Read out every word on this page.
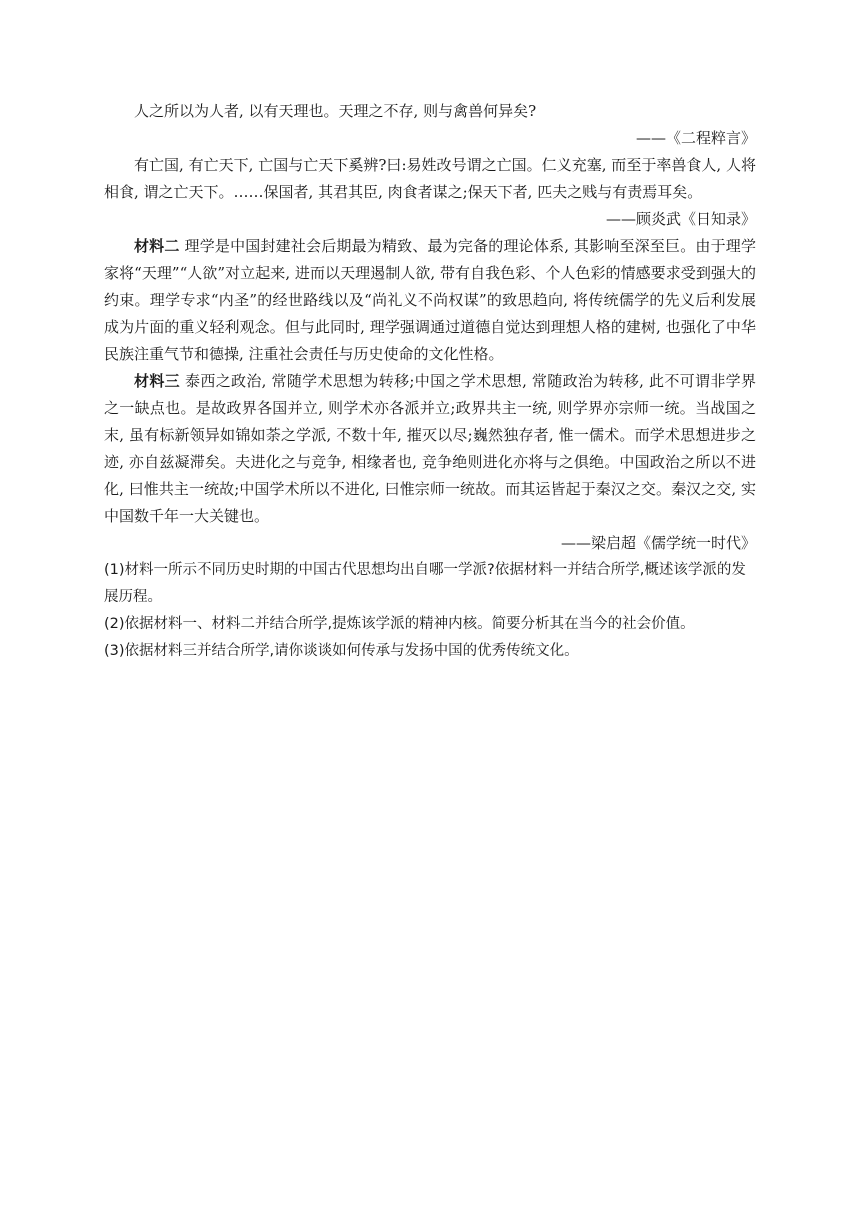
人之所以为人者, 以有天理也。天理之不存, 则与禽兽何异矣?

——《二程粹言》

有亡国, 有亡天下, 亡国与亡天下奚辨?曰:易姓改号谓之亡国。仁义充塞, 而至于率兽食人, 人将相食, 谓之亡天下。……保国者, 其君其臣, 肉食者谋之;保天下者, 匹夫之贱与有责焉耳矣。

——顾炎武《日知录》

材料二 理学是中国封建社会后期最为精致、最为完备的理论体系, 其影响至深至巨。由于理学家将“天理”“人欲”对立起来, 进而以天理遏制人欲, 带有自我色彩、个人色彩的情感要求受到强大的约束。理学专求“内圣”的经世路线以及“尚礼义不尚权谋”的致思趋向, 将传统儒学的先义后利发展成为片面的重义轻利观念。但与此同时, 理学强调通过道德自觉达到理想人格的建树, 也强化了中华民族注重气节和德操, 注重社会责任与历史使命的文化性格。

材料三 泰西之政治, 常随学术思想为转移;中国之学术思想, 常随政治为转移, 此不可谓非学界之一缺点也。是故政界各国并立, 则学术亦各派并立;政界共主一统, 则学界亦宗师一统。当战国之末, 虽有标新领异如锦如荼之学派, 不数十年, 摧灭以尽;巍然独存者, 惟一儒术。而学术思想进步之迹, 亦自兹凝滞矣。夫进化之与竞争, 相缘者也, 竞争绝则进化亦将与之俱绝。中国政治之所以不进化, 曰惟共主一统故;中国学术所以不进化, 曰惟宗师一统故。而其运皆起于秦汉之交。秦汉之交, 实中国数千年一大关键也。

——梁启超《儒学统一时代》

(1)材料一所示不同历史时期的中国古代思想均出自哪一学派?依据材料一并结合所学,概述该学派的发展历程。

(2)依据材料一、材料二并结合所学,提炼该学派的精神内核。简要分析其在当今的社会价值。

(3)依据材料三并结合所学,请你谈谈如何传承与发扬中国的优秀传统文化。
